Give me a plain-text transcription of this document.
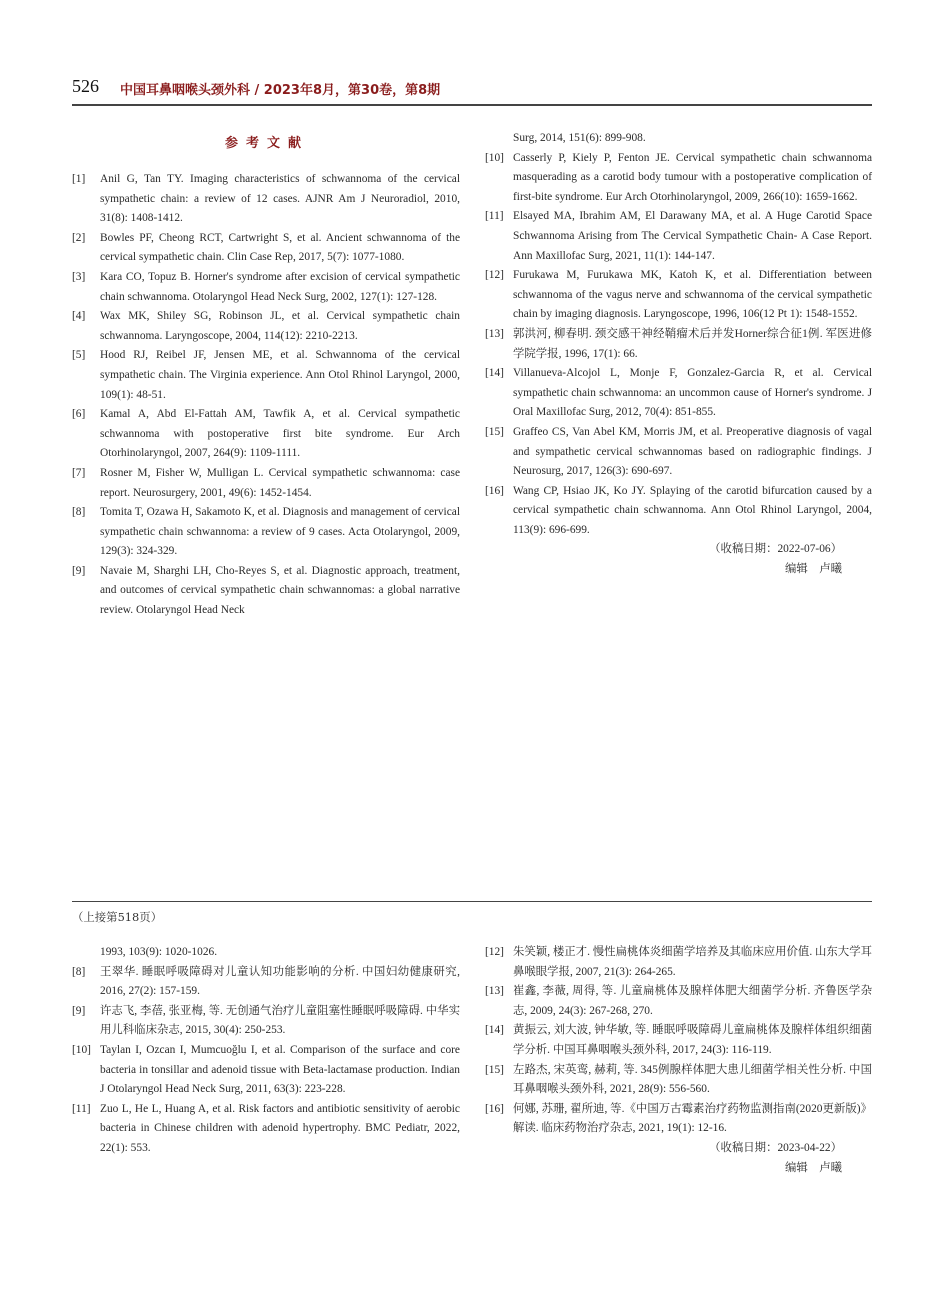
526 中国耳鼻咽喉头颈外科 / 2023年8月，第30卷，第8期
参考文献
[1] Anil G, Tan TY. Imaging characteristics of schwannoma of the cervical sympathetic chain: a review of 12 cases. AJNR Am J Neuroradiol, 2010, 31(8): 1408-1412.
[2] Bowles PF, Cheong RCT, Cartwright S, et al. Ancient schwannoma of the cervical sympathetic chain. Clin Case Rep, 2017, 5(7): 1077-1080.
[3] Kara CO, Topuz B. Horner's syndrome after excision of cervical sympathetic chain schwannoma. Otolaryngol Head Neck Surg, 2002, 127(1): 127-128.
[4] Wax MK, Shiley SG, Robinson JL, et al. Cervical sympathetic chain schwannoma. Laryngoscope, 2004, 114(12): 2210-2213.
[5] Hood RJ, Reibel JF, Jensen ME, et al. Schwannoma of the cervical sympathetic chain. The Virginia experience. Ann Otol Rhinol Laryngol, 2000, 109(1): 48-51.
[6] Kamal A, Abd El-Fattah AM, Tawfik A, et al. Cervical sympathetic schwannoma with postoperative first bite syndrome. Eur Arch Otorhinolaryngol, 2007, 264(9): 1109-1111.
[7] Rosner M, Fisher W, Mulligan L. Cervical sympathetic schwannoma: case report. Neurosurgery, 2001, 49(6): 1452-1454.
[8] Tomita T, Ozawa H, Sakamoto K, et al. Diagnosis and management of cervical sympathetic chain schwannoma: a review of 9 cases. Acta Otolaryngol, 2009, 129(3): 324-329.
[9] Navaie M, Sharghi LH, Cho-Reyes S, et al. Diagnostic approach, treatment, and outcomes of cervical sympathetic chain schwannomas: a global narrative review. Otolaryngol Head Neck
Surg, 2014, 151(6): 899-908.
[10] Casserly P, Kiely P, Fenton JE. Cervical sympathetic chain schwannoma masquerading as a carotid body tumour with a postoperative complication of first-bite syndrome. Eur Arch Otorhinolaryngol, 2009, 266(10): 1659-1662.
[11] Elsayed MA, Ibrahim AM, El Darawany MA, et al. A Huge Carotid Space Schwannoma Arising from The Cervical Sympathetic Chain- A Case Report. Ann Maxillofac Surg, 2021, 11(1): 144-147.
[12] Furukawa M, Furukawa MK, Katoh K, et al. Differentiation between schwannoma of the vagus nerve and schwannoma of the cervical sympathetic chain by imaging diagnosis. Laryngoscope, 1996, 106(12 Pt 1): 1548-1552.
[13] 郭洪河, 柳春明. 颈交感干神经鞘瘤术后并发Horner综合征1例. 军医进修学院学报, 1996, 17(1): 66.
[14] Villanueva-Alcojol L, Monje F, Gonzalez-Garcia R, et al. Cervical sympathetic chain schwannoma: an uncommon cause of Horner's syndrome. J Oral Maxillofac Surg, 2012, 70(4): 851-855.
[15] Graffeo CS, Van Abel KM, Morris JM, et al. Preoperative diagnosis of vagal and sympathetic cervical schwannomas based on radiographic findings. J Neurosurg, 2017, 126(3): 690-697.
[16] Wang CP, Hsiao JK, Ko JY. Splaying of the carotid bifurcation caused by a cervical sympathetic chain schwannoma. Ann Otol Rhinol Laryngol, 2004, 113(9): 696-699.
（收稿日期：2022-07-06）
编辑　卢曦
（上接第518页）
1993, 103(9): 1020-1026.
[8] 王翠华. 睡眠呼吸障碍对儿童认知功能影响的分析. 中国妇幼健康研究, 2016, 27(2): 157-159.
[9] 许志飞, 李蓓, 张亚梅, 等. 无创通气治疗儿童阻塞性睡眠呼吸障碍. 中华实用儿科临床杂志, 2015, 30(4): 250-253.
[10] Taylan I, Ozcan I, Mumcuoğlu I, et al. Comparison of the surface and core bacteria in tonsillar and adenoid tissue with Beta-lactamase production. Indian J Otolaryngol Head Neck Surg, 2011, 63(3): 223-228.
[11] Zuo L, He L, Huang A, et al. Risk factors and antibiotic sensitivity of aerobic bacteria in Chinese children with adenoid hypertrophy. BMC Pediatr, 2022, 22(1): 553.
[12] 朱笑颖, 楼正才. 慢性扁桃体炎细菌学培养及其临床应用价值. 山东大学耳鼻喉眼学报, 2007, 21(3): 264-265.
[13] 崔鑫, 李薇, 周得, 等. 儿童扁桃体及腺样体肥大细菌学分析. 齐鲁医学杂志, 2009, 24(3): 267-268, 270.
[14] 黄振云, 刘大波, 钟华敏, 等. 睡眠呼吸障碍儿童扁桃体及腺样体组织细菌学分析. 中国耳鼻咽喉头颈外科, 2017, 24(3): 116-119.
[15] 左路杰, 宋英鸾, 赫莉, 等. 345例腺样体肥大患儿细菌学相关性分析. 中国耳鼻咽喉头颈外科, 2021, 28(9): 556-560.
[16] 何娜, 苏珊, 翟所迪, 等.《中国万古霉素治疗药物监测指南(2020更新版)》解读. 临床药物治疗杂志, 2021, 19(1): 12-16.
（收稿日期：2023-04-22）
编辑　卢曦
